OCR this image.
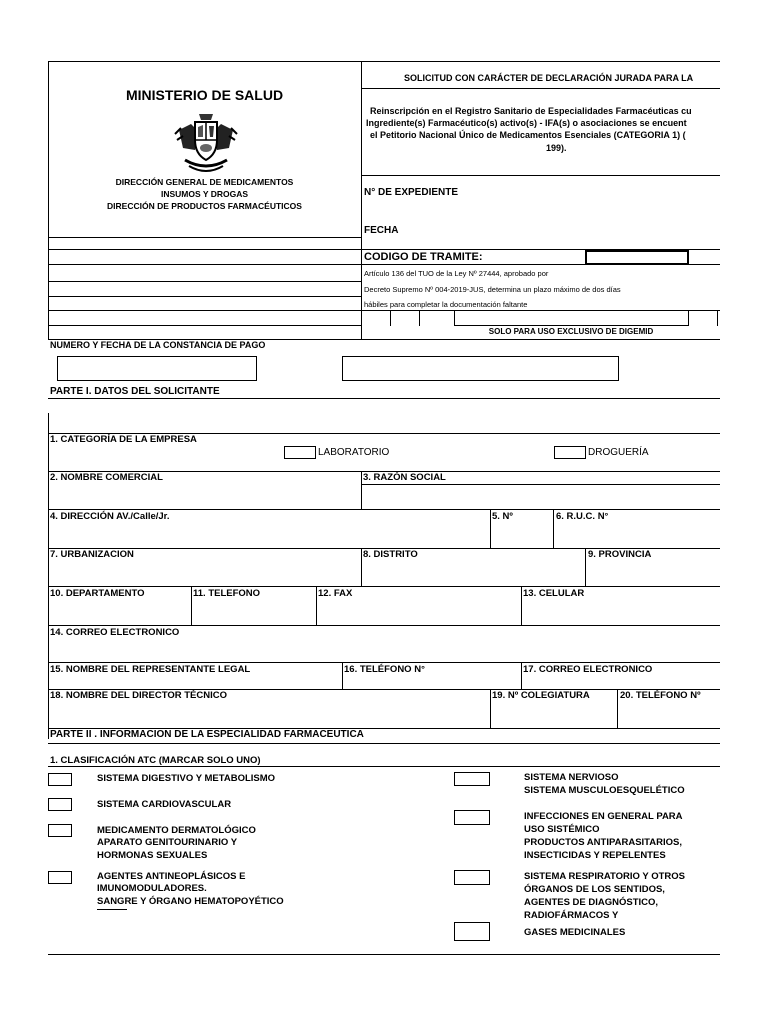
MINISTERIO DE SALUD
DIRECCIÓN GENERAL DE MEDICAMENTOS
INSUMOS Y DROGAS
DIRECCIÓN DE PRODUCTOS FARMACÉUTICOS
SOLICITUD CON CARÁCTER DE DECLARACIÓN JURADA PARA LA
Reinscripción en el Registro Sanitario de Especialidades Farmacéuticas cu
Ingrediente(s) Farmacéutico(s) activo(s) - IFA(s) o asociaciones se encuent
el Petitorio Nacional Único de Medicamentos Esenciales (CATEGORIA 1) (
199).
N° DE EXPEDIENTE
FECHA
CODIGO DE TRAMITE:
Artículo 136 del TUO de la Ley Nº 27444, aprobado por
Decreto Supremo Nº 004-2019-JUS, determina un plazo máximo de dos días
hábiles para completar la documentación faltante
SOLO PARA USO EXCLUSIVO DE DIGEMID
NUMERO Y FECHA DE LA CONSTANCIA DE PAGO
PARTE I. DATOS DEL SOLICITANTE
1. CATEGORÍA DE LA EMPRESA
LABORATORIO	DROGUERÍA
2. NOMBRE COMERCIAL	3. RAZÓN SOCIAL
4. DIRECCIÓN AV./Calle/Jr.	5. Nº	6. R.U.C. N°
7. URBANIZACION	8. DISTRITO	9. PROVINCIA
10. DEPARTAMENTO	11. TELEFONO	12. FAX	13. CELULAR
14. CORREO ELECTRONICO
15. NOMBRE DEL REPRESENTANTE LEGAL	16. TELÉFONO N°	17. CORREO ELECTRONICO
18. NOMBRE DEL DIRECTOR TÉCNICO	19. Nº COLEGIATURA	20. TELÉFONO Nº
PARTE II . INFORMACION DE LA ESPECIALIDAD FARMACEUTICA
1. CLASIFICACIÓN ATC (MARCAR SOLO UNO)
SISTEMA DIGESTIVO Y METABOLISMO
SISTEMA CARDIOVASCULAR
MEDICAMENTO DERMATOLÓGICO
APARATO GENITOURINARIO Y
HORMONAS SEXUALES
AGENTES ANTINEOPLÁSICOS E
IMUNOMODULADORES.
SANGRE Y ÓRGANO HEMATOPOYÉTICO
SISTEMA NERVIOSO
SISTEMA MUSCULOESQUELÉTICO
INFECCIONES EN GENERAL PARA
USO SISTÉMICO
PRODUCTOS ANTIPARASITARIOS,
INSECTICIDAS Y REPELENTES
SISTEMA RESPIRATORIO Y OTROS
ÓRGANOS DE LOS SENTIDOS,
AGENTES DE DIAGNÓSTICO,
RADIOFÁRMACOS Y
GASES MEDICINALES
